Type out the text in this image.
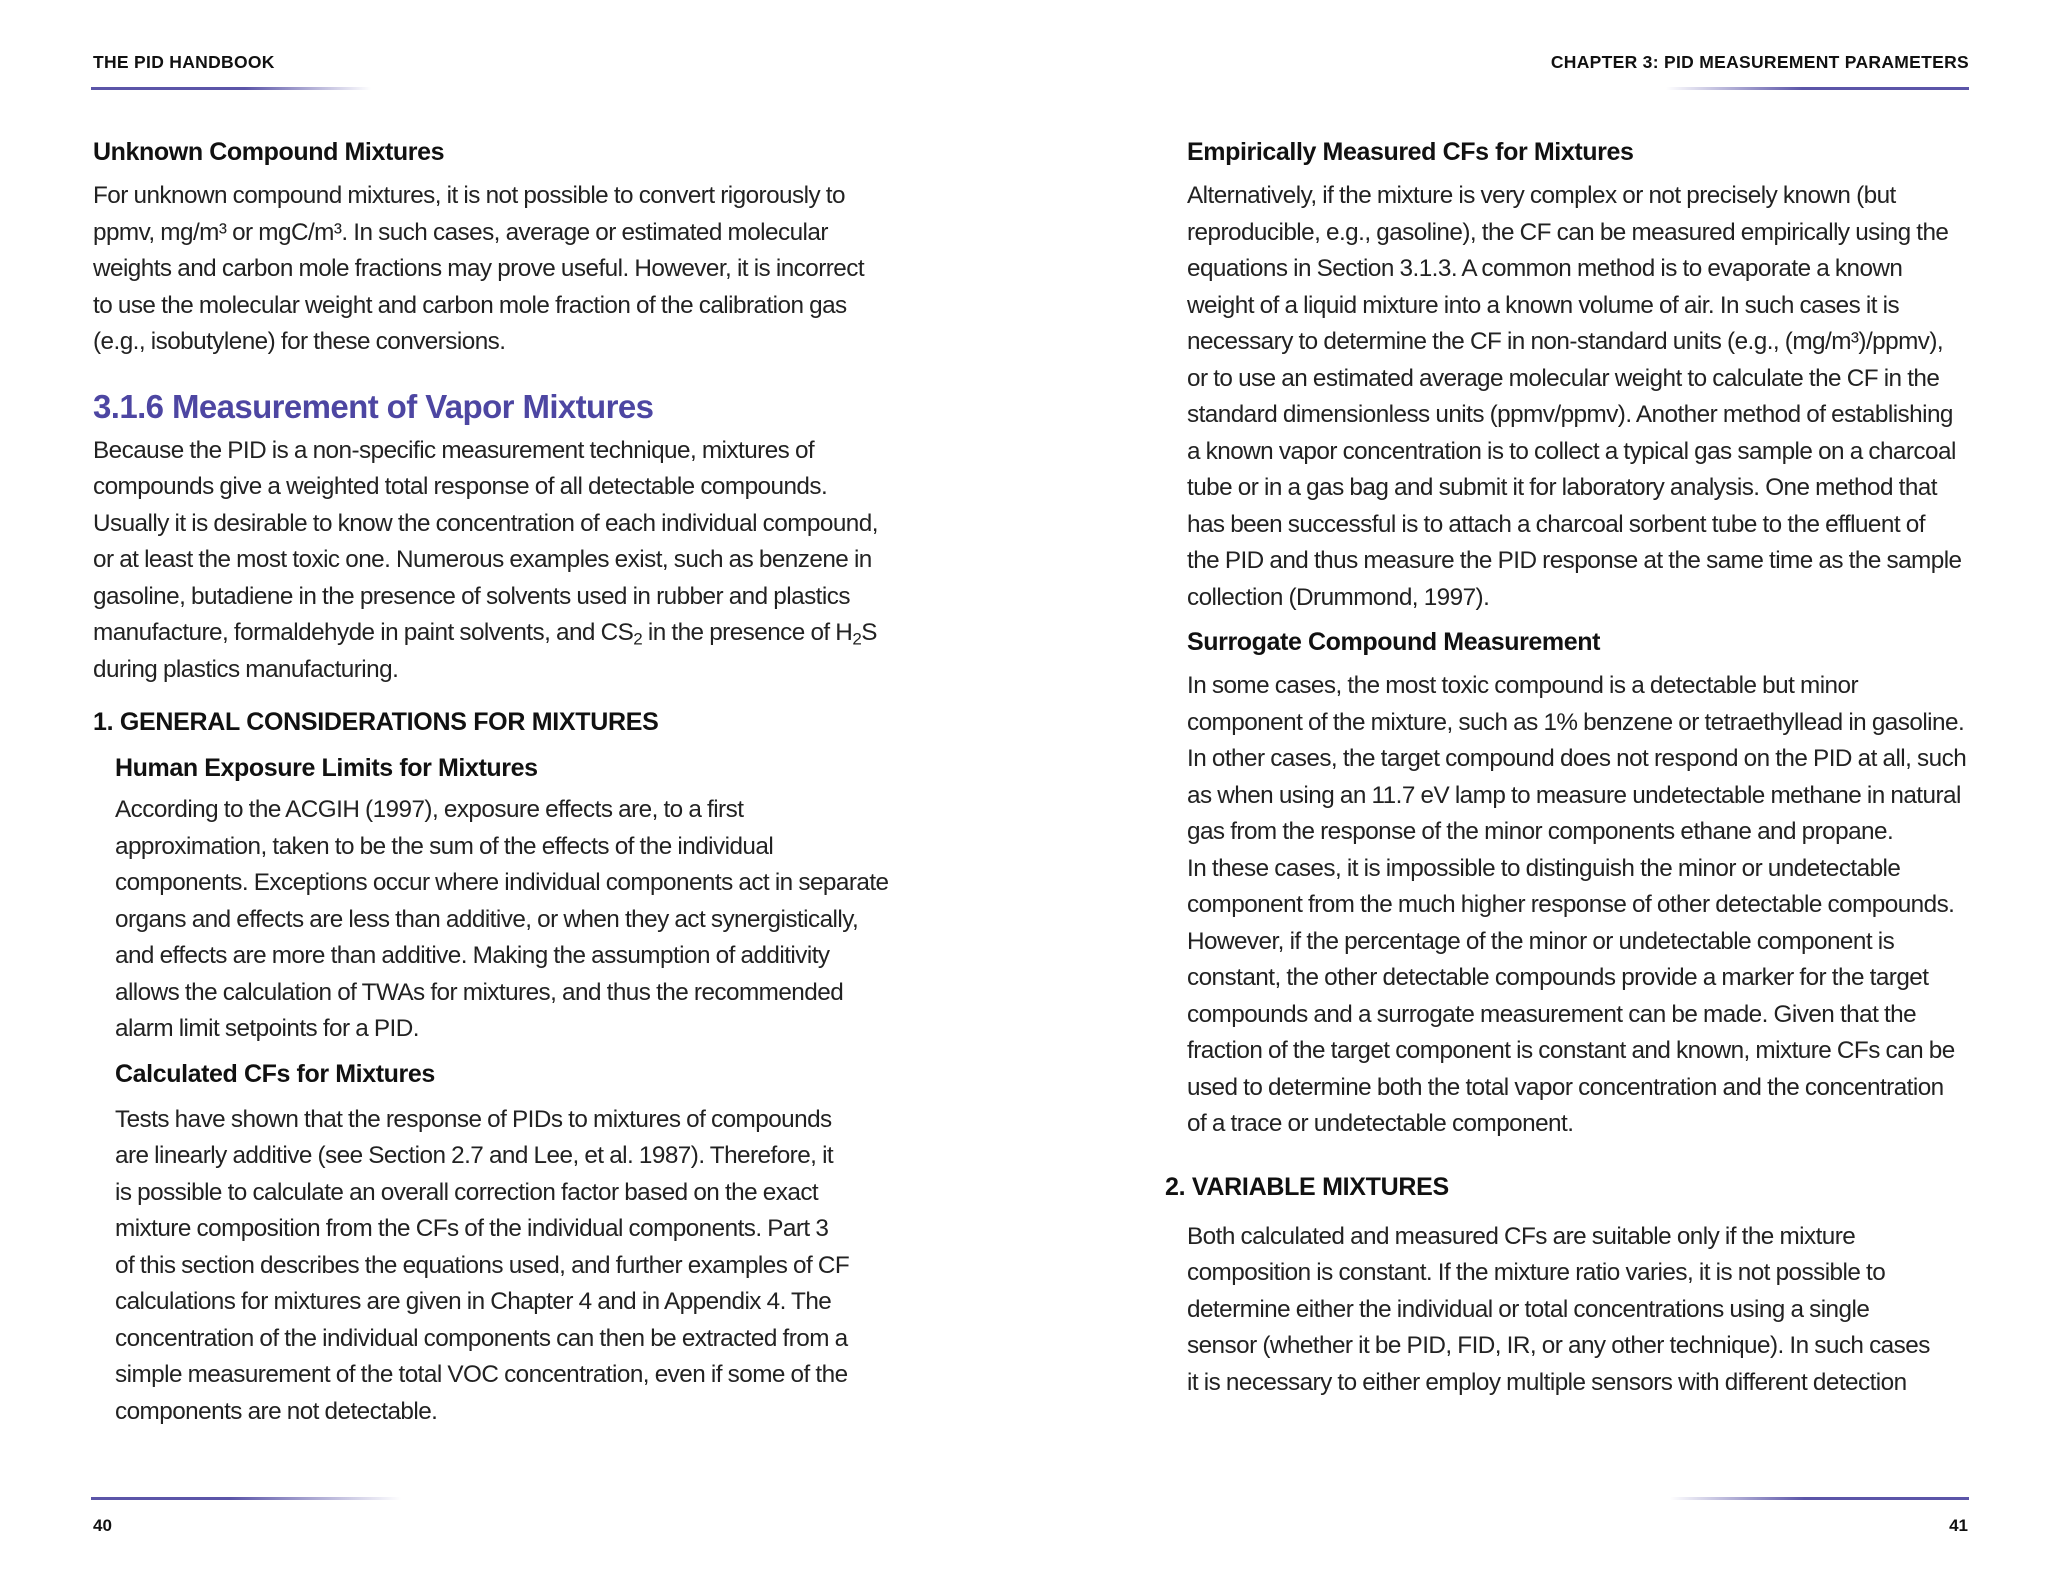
THE PID HANDBOOK	CHAPTER 3: PID MEASUREMENT PARAMETERS
Unknown Compound Mixtures

For unknown compound mixtures, it is not possible to convert rigorously to
ppmv, mg/m³ or mgC/m³. In such cases, average or estimated molecular
weights and carbon mole fractions may prove useful. However, it is incorrect
to use the molecular weight and carbon mole fraction of the calibration gas
(e.g., isobutylene) for these conversions.

3.1.6 Measurement of Vapor Mixtures

Because the PID is a non-specific measurement technique, mixtures of
compounds give a weighted total response of all detectable compounds.
Usually it is desirable to know the concentration of each individual compound,
or at least the most toxic one. Numerous examples exist, such as benzene in
gasoline, butadiene in the presence of solvents used in rubber and plastics
manufacture, formaldehyde in paint solvents, and $CS_2$ in the presence of $H_2S$
during plastics manufacturing.

1. GENERAL CONSIDERATIONS FOR MIXTURES
Human Exposure Limits for Mixtures

According to the ACGIH (1997), exposure effects are, to a first
approximation, taken to be the sum of the effects of the individual
components. Exceptions occur where individual components act in separate
organs and effects are less than additive, or when they act synergistically,
and effects are more than additive. Making the assumption of additivity
allows the calculation of TWAs for mixtures, and thus the recommended
alarm limit setpoints for a PID.

Calculated CFs for Mixtures

Tests have shown that the response of PIDs to mixtures of compounds
are linearly additive (see Section 2.7 and Lee, et al. 1987). Therefore, it
is possible to calculate an overall correction factor based on the exact
mixture composition from the CFs of the individual components. Part 3
of this section describes the equations used, and further examples of CF
calculations for mixtures are given in Chapter 4 and in Appendix 4. The
concentration of the individual components can then be extracted from a
simple measurement of the total VOC concentration, even if some of the
components are not detectable.

Empirically Measured CFs for Mixtures

Alternatively, if the mixture is very complex or not precisely known (but
reproducible, e.g., gasoline), the CF can be measured empirically using the
equations in Section 3.1.3. A common method is to evaporate a known
weight of a liquid mixture into a known volume of air. In such cases it is
necessary to determine the CF in non-standard units (e.g., (mg/m³)/ppmv),
or to use an estimated average molecular weight to calculate the CF in the
standard dimensionless units (ppmv/ppmv). Another method of establishing
a known vapor concentration is to collect a typical gas sample on a charcoal
tube or in a gas bag and submit it for laboratory analysis. One method that
has been successful is to attach a charcoal sorbent tube to the effluent of
the PID and thus measure the PID response at the same time as the sample
collection (Drummond, 1997).

Surrogate Compound Measurement

In some cases, the most toxic compound is a detectable but minor
component of the mixture, such as 1% benzene or tetraethyllead in gasoline.
In other cases, the target compound does not respond on the PID at all, such
as when using an 11.7 eV lamp to measure undetectable methane in natural
gas from the response of the minor components ethane and propane.
In these cases, it is impossible to distinguish the minor or undetectable
component from the much higher response of other detectable compounds.
However, if the percentage of the minor or undetectable component is
constant, the other detectable compounds provide a marker for the target
compounds and a surrogate measurement can be made. Given that the
fraction of the target component is constant and known, mixture CFs can be
used to determine both the total vapor concentration and the concentration
of a trace or undetectable component.

2. VARIABLE MIXTURES

Both calculated and measured CFs are suitable only if the mixture
composition is constant. If the mixture ratio varies, it is not possible to
determine either the individual or total concentrations using a single
sensor (whether it be PID, FID, IR, or any other technique). In such cases
it is necessary to either employ multiple sensors with different detection

40	41
